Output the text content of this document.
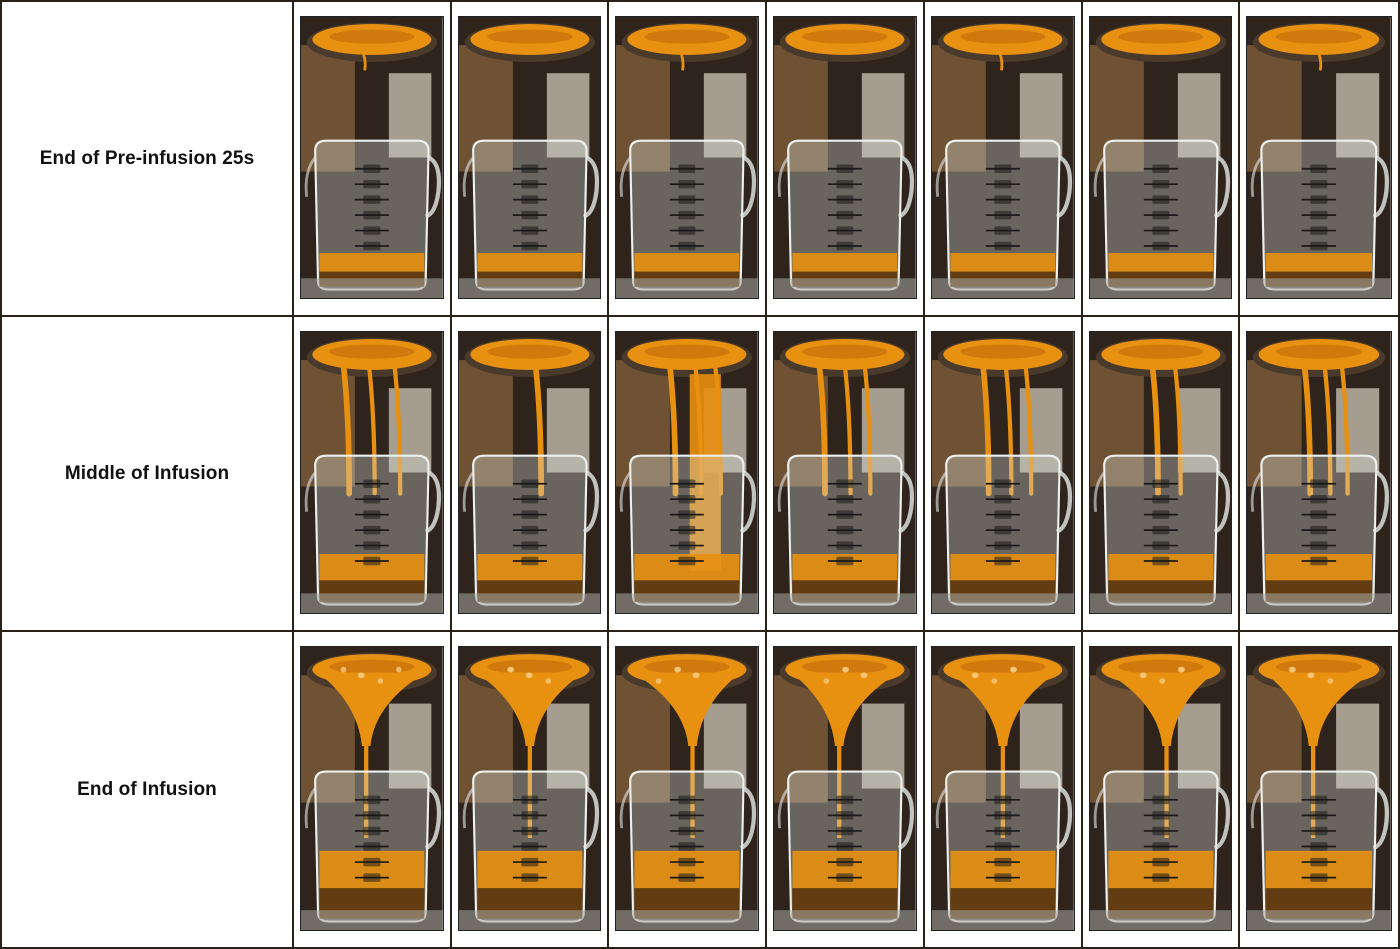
End of Pre-infusion 25s
Middle of Infusion
End of Infusion
